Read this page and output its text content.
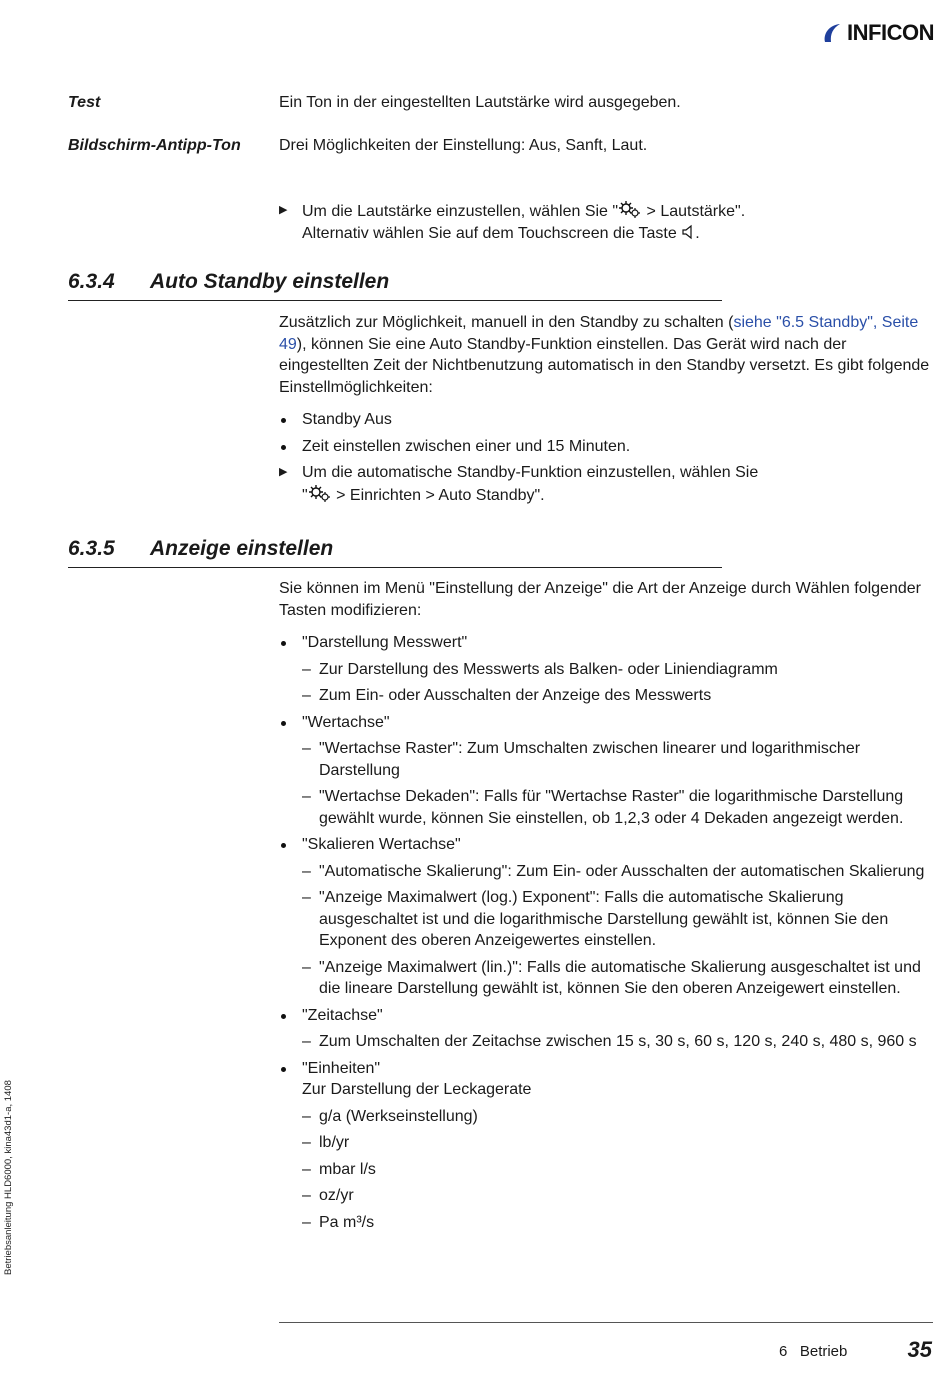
INFICON
Test	Ein Ton in der eingestellten Lautstärke wird ausgegeben.
Bildschirm-Antipp-Ton	Drei Möglichkeiten der Einstellung: Aus, Sanft, Laut.
▶ Um die Lautstärke einzustellen, wählen Sie " > Lautstärke".

Alternativ wählen Sie auf dem Touchscreen die Taste .

6.3.4 Auto Standby einstellen

Zusätzlich zur Möglichkeit, manuell in den Standby zu schalten (siehe "6.5 Standby", Seite 49), können Sie eine Auto Standby-Funktion einstellen. Das Gerät wird nach der eingestellten Zeit der Nichtbenutzung automatisch in den Standby versetzt. Es gibt folgende Einstellmöglichkeiten:

Standby Aus
Zeit einstellen zwischen einer und 15 Minuten.
▶ Um die automatische Standby-Funktion einzustellen, wählen Sie

" > Einrichten > Auto Standby".

6.3.5 Anzeige einstellen

Sie können im Menü "Einstellung der Anzeige" die Art der Anzeige durch Wählen folgender Tasten modifizieren:

"Darstellung Messwert"
– Zur Darstellung des Messwerts als Balken- oder Liniendiagramm
– Zum Ein- oder Ausschalten der Anzeige des Messwerts
"Wertachse"
– "Wertachse Raster": Zum Umschalten zwischen linearer und logarithmischer Darstellung
– "Wertachse Dekaden": Falls für "Wertachse Raster" die logarithmische Darstellung gewählt wurde, können Sie einstellen, ob 1,2,3 oder 4 Dekaden angezeigt werden.
"Skalieren Wertachse"
– "Automatische Skalierung": Zum Ein- oder Ausschalten der automatischen Skalierung
– "Anzeige Maximalwert (log.) Exponent": Falls die automatische Skalierung ausgeschaltet ist und die logarithmische Darstellung gewählt ist, können Sie den Exponent des oberen Anzeigewertes einstellen.
– "Anzeige Maximalwert (lin.)": Falls die automatische Skalierung ausgeschaltet ist und die lineare Darstellung gewählt ist, können Sie den oberen Anzeigewert einstellen.
"Zeitachse"
– Zum Umschalten der Zeitachse zwischen 15 s, 30 s, 60 s, 120 s, 240 s, 480 s, 960 s
"Einheiten"

Zur Darstellung der Leckagerate

– g/a (Werkseinstellung)
– lb/yr
– mbar l/s
– oz/yr
– Pa m³/s
Betriebsanleitung HLD6000, kina43d1-a, 1408
6   Betrieb	35
